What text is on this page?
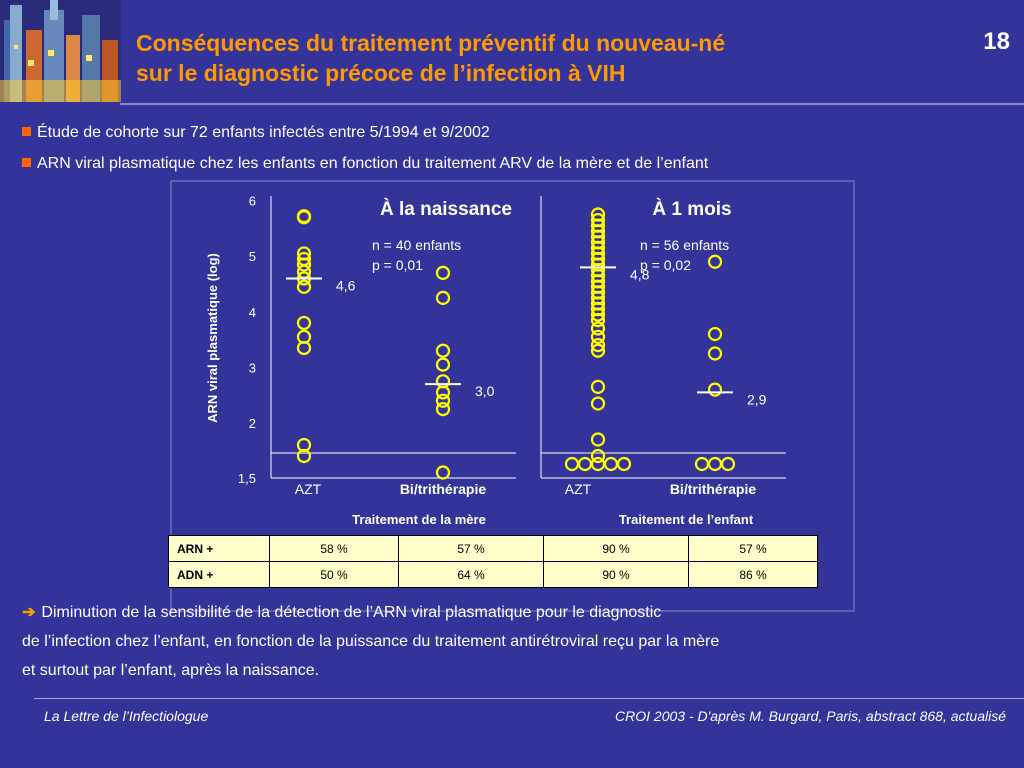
Conséquences du traitement préventif du nouveau-né
sur le diagnostic précoce de l’infection à VIH
18
Étude de cohorte sur 72 enfants infectés entre 5/1994 et 9/2002
ARN viral plasmatique chez les enfants en fonction du traitement ARV de la mère et de l’enfant
ARN viral plasmatique (log)
1,5
2
3
4
5
6	À la naissance
n = 40 enfants
p = 0,01
4,6
AZT
3,0
Bi/trithérapie
À 1 mois
n = 56 enfants
p = 0,02
4,8
AZT
2,9
Bi/trithérapie
Traitement de la mère	Traitement de l’enfant
ARN +	58 %	57 %	90 %	57 %
ADN +	50 %	64 %	90 %	86 %
➔ Diminution de la sensibilité de la détection de l’ARN viral plasmatique pour le diagnostic
de l’infection chez l’enfant, en fonction de la puissance du traitement antirétroviral reçu par la mère
et surtout par l’enfant, après la naissance.
La Lettre de l’Infectiologue	CROI 2003 - D'après M. Burgard, Paris, abstract 868, actualisé
